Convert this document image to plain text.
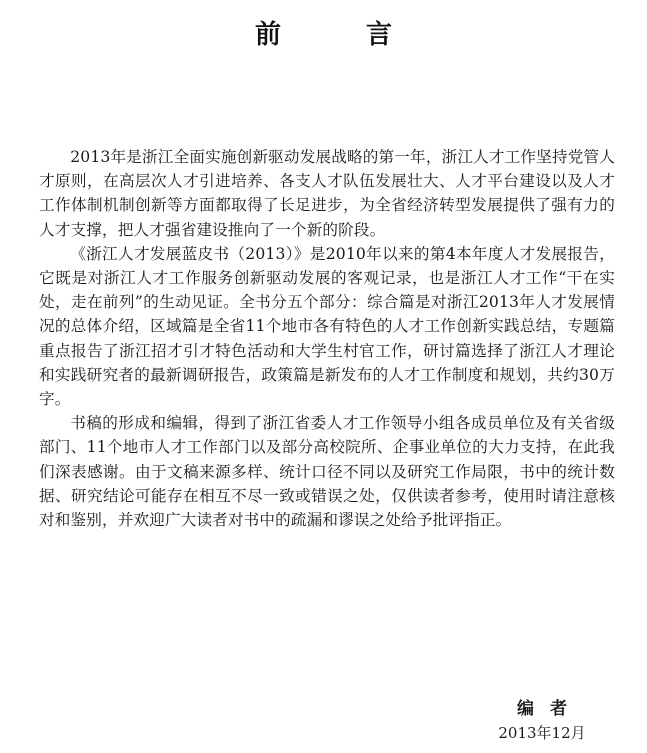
前 言

2013年是浙江全面实施创新驱动发展战略的第一年，浙江人才工作坚持党管人才原则，在高层次人才引进培养、各支人才队伍发展壮大、人才平台建设以及人才工作体制机制创新等方面都取得了长足进步，为全省经济转型发展提供了强有力的人才支撑，把人才强省建设推向了一个新的阶段。

《浙江人才发展蓝皮书（2013）》是2010年以来的第4本年度人才发展报告，它既是对浙江人才工作服务创新驱动发展的客观记录，也是浙江人才工作“干在实处，走在前列”的生动见证。全书分五个部分：综合篇是对浙江2013年人才发展情况的总体介绍，区域篇是全省11个地市各有特色的人才工作创新实践总结，专题篇重点报告了浙江招才引才特色活动和大学生村官工作，研讨篇选择了浙江人才理论和实践研究者的最新调研报告，政策篇是新发布的人才工作制度和规划，共约30万字。

书稿的形成和编辑，得到了浙江省委人才工作领导小组各成员单位及有关省级部门、11个地市人才工作部门以及部分高校院所、企事业单位的大力支持，在此我们深表感谢。由于文稿来源多样、统计口径不同以及研究工作局限，书中的统计数据、研究结论可能存在相互不尽一致或错误之处，仅供读者参考，使用时请注意核对和鉴别，并欢迎广大读者对书中的疏漏和谬误之处给予批评指正。

编者
2013年12月
